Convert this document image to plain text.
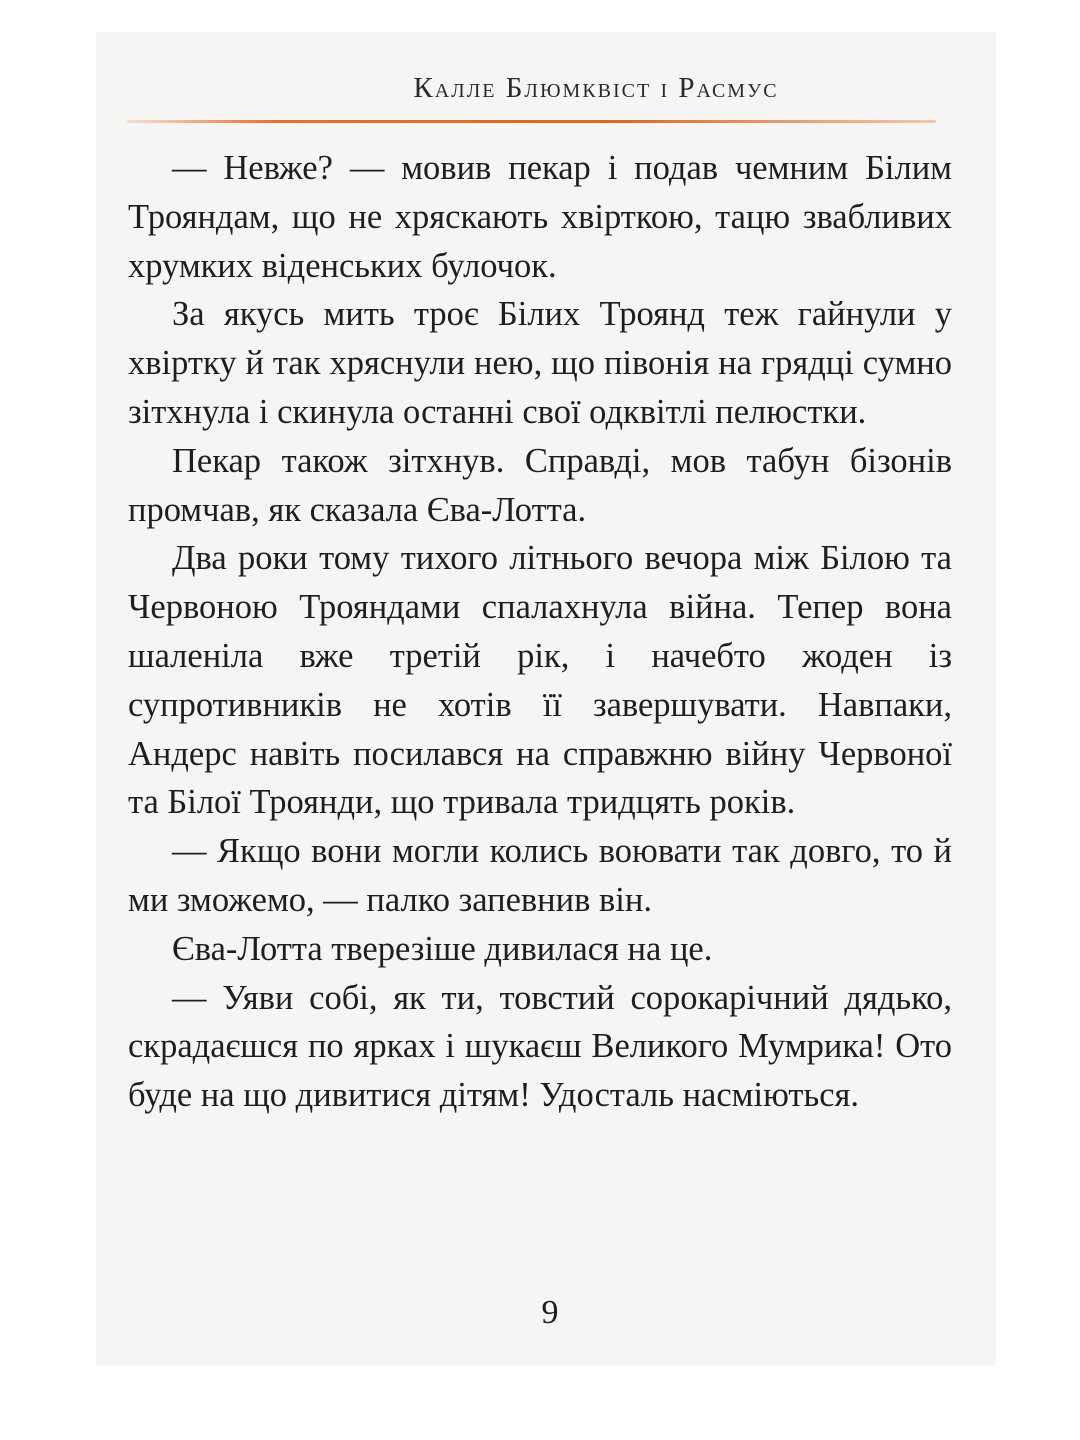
Калле Блюмквіст і Расмус

— Невже? — мовив пекар і подав чемним Білим Трояндам, що не хряскають хвірткою, тацю звабливих хрумких віденських булочок.

За якусь мить троє Білих Троянд теж гайнули у хвіртку й так хряснули нею, що півонія на грядці сумно зітхнула і скинула останні свої одквітлі пелюстки.

Пекар також зітхнув. Справді, мов табун бізонів промчав, як сказала Єва-Лотта.

Два роки тому тихого літнього вечора між Білою та Червоною Трояндами спалахнула війна. Тепер вона шаленіла вже третій рік, і начебто жоден із супротивників не хотів її завершувати. Навпаки, Андерс навіть посилався на справжню війну Червоної та Білої Троянди, що тривала тридцять років.

— Якщо вони могли колись воювати так довго, то й ми зможемо, — палко запевнив він.

Єва-Лотта тверезіше дивилася на це.

— Уяви собі, як ти, товстий сорокарічний дядько, скрадаєшся по ярках і шукаєш Великого Мумрика! Ото буде на що дивитися дітям! Удосталь насміються.

9
